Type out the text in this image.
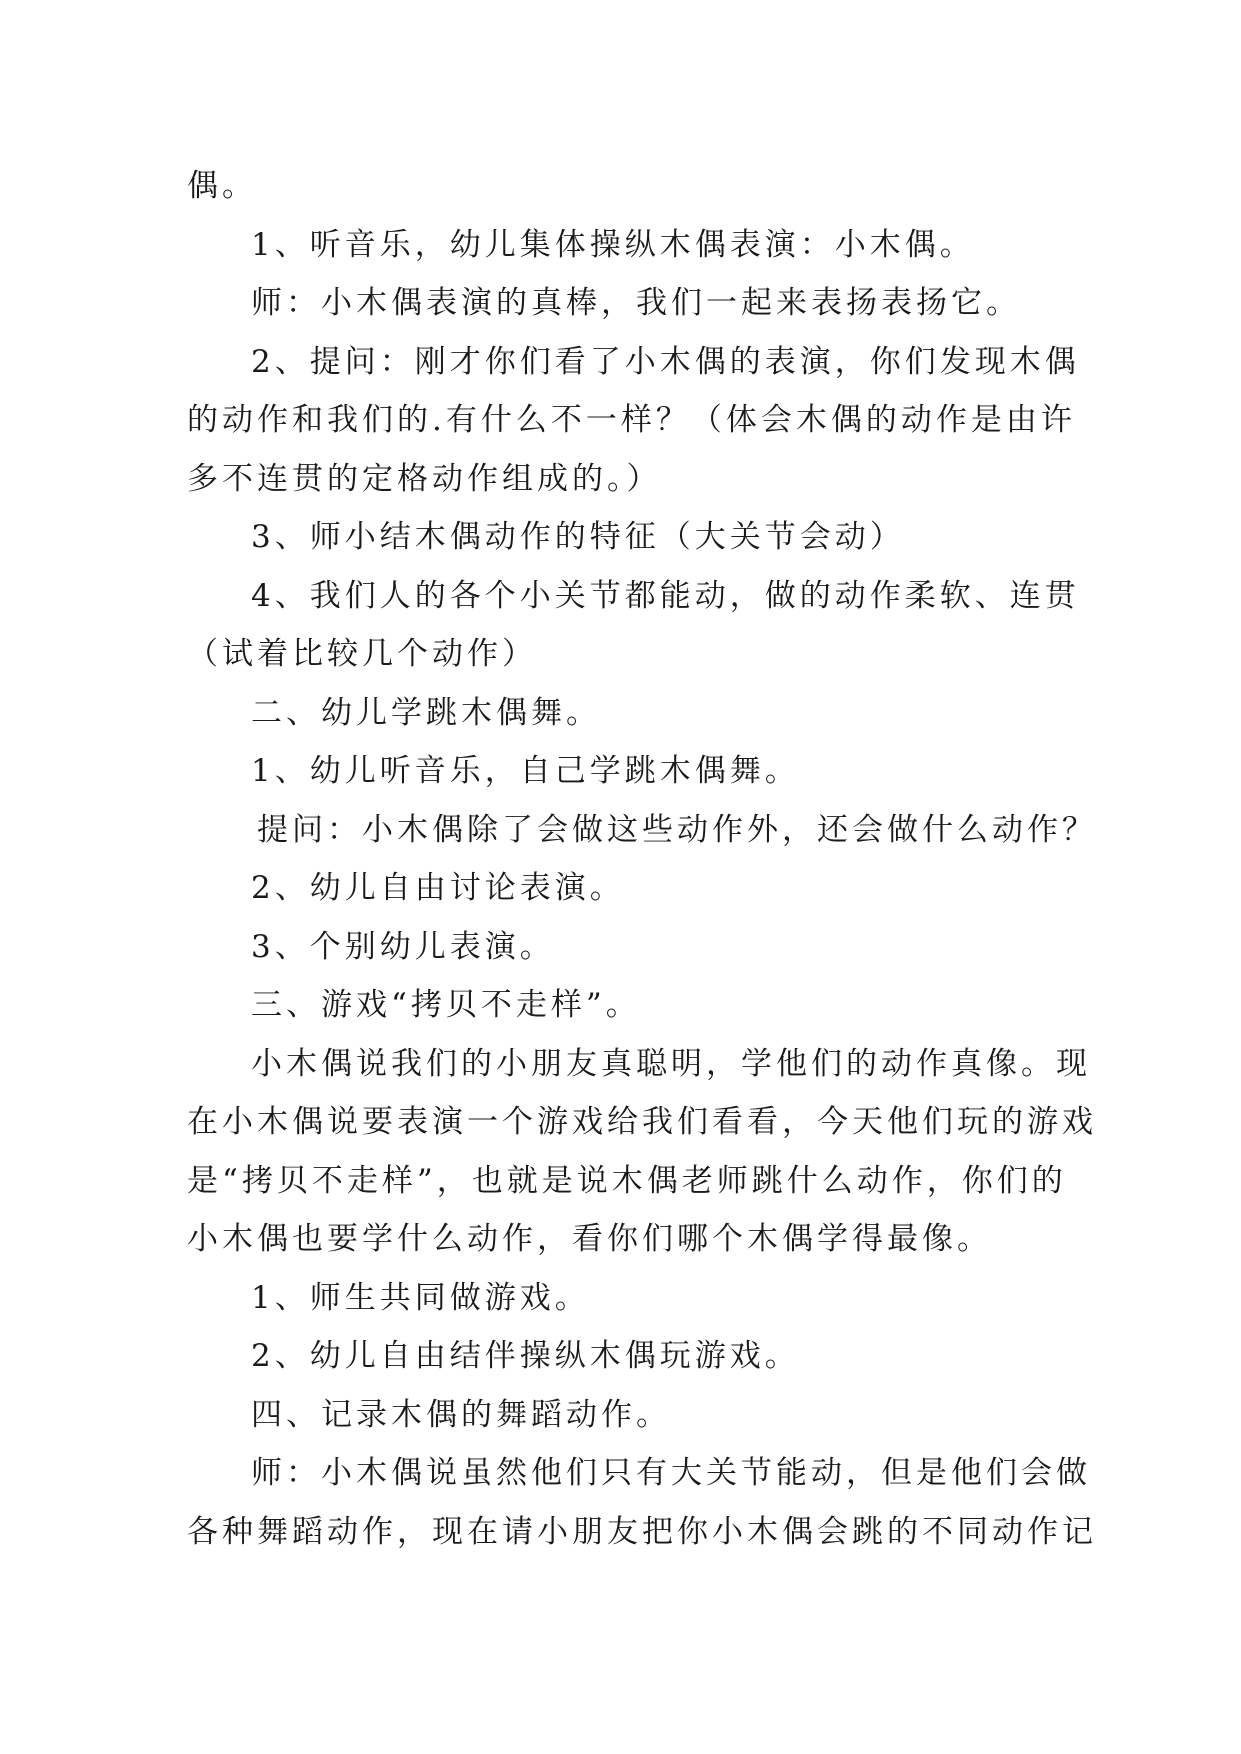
偶。
1、听音乐，幼儿集体操纵木偶表演：小木偶。
师：小木偶表演的真棒，我们一起来表扬表扬它。
2、提问：刚才你们看了小木偶的表演，你们发现木偶
的动作和我们的.有什么不一样？（体会木偶的动作是由许
多不连贯的定格动作组成的。）
3、师小结木偶动作的特征（大关节会动）
4、我们人的各个小关节都能动，做的动作柔软、连贯
（试着比较几个动作）
二、幼儿学跳木偶舞。
1、幼儿听音乐，自己学跳木偶舞。
提问：小木偶除了会做这些动作外，还会做什么动作？
2、幼儿自由讨论表演。
3、个别幼儿表演。
三、游戏“拷贝不走样”。
小木偶说我们的小朋友真聪明，学他们的动作真像。现
在小木偶说要表演一个游戏给我们看看，今天他们玩的游戏
是“拷贝不走样”，也就是说木偶老师跳什么动作，你们的
小木偶也要学什么动作，看你们哪个木偶学得最像。
1、师生共同做游戏。
2、幼儿自由结伴操纵木偶玩游戏。
四、记录木偶的舞蹈动作。
师：小木偶说虽然他们只有大关节能动，但是他们会做
各种舞蹈动作，现在请小朋友把你小木偶会跳的不同动作记
